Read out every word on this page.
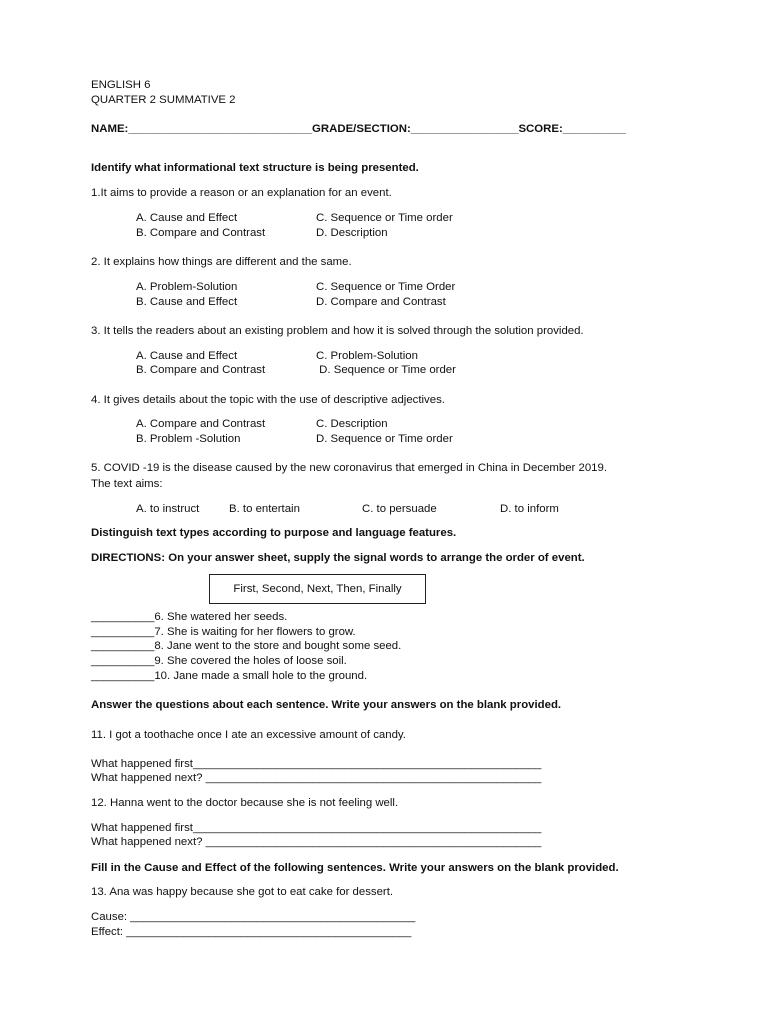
ENGLISH 6
QUARTER 2 SUMMATIVE 2
NAME:_____________________________GRADE/SECTION:_________________SCORE:__________
Identify what informational text structure is being presented.
1.It aims to provide a reason or an explanation for an event.
A. Cause and Effect	C. Sequence or Time order
B. Compare and Contrast	D. Description
2. It explains how things are different and the same.
A. Problem-Solution	C. Sequence or Time Order
B. Cause and Effect	D. Compare and Contrast
3. It tells the readers about an existing problem and how it is solved through the solution provided.
A. Cause and Effect	C. Problem-Solution
B. Compare and Contrast	D. Sequence or Time order
4. It gives details about the topic with the use of descriptive adjectives.
A. Compare and Contrast	C. Description
B. Problem -Solution	D. Sequence or Time order
5. COVID -19 is the disease caused by the new coronavirus that emerged in China in December 2019.
The text aims:
A. to instruct	B. to entertain	C. to persuade	D. to inform
Distinguish text types according to purpose and language features.
DIRECTIONS: On your answer sheet, supply the signal words to arrange the order of event.
First, Second, Next, Then, Finally
__________6. She watered her seeds.
__________7. She is waiting for her flowers to grow.
__________8. Jane went to the store and bought some seed.
__________9. She covered the holes of loose soil.
__________10. Jane made a small hole to the ground.
Answer the questions about each sentence. Write your answers on the blank provided.
11. I got a toothache once I ate an excessive amount of candy.
What happened first_______________________________________________________
What happened next? _____________________________________________________
12. Hanna went to the doctor because she is not feeling well.
What happened first_______________________________________________________
What happened next? _____________________________________________________
Fill in the Cause and Effect of the following sentences. Write your answers on the blank provided.
13. Ana was happy because she got to eat cake for dessert.
Cause: _____________________________________________
Effect: _____________________________________________
